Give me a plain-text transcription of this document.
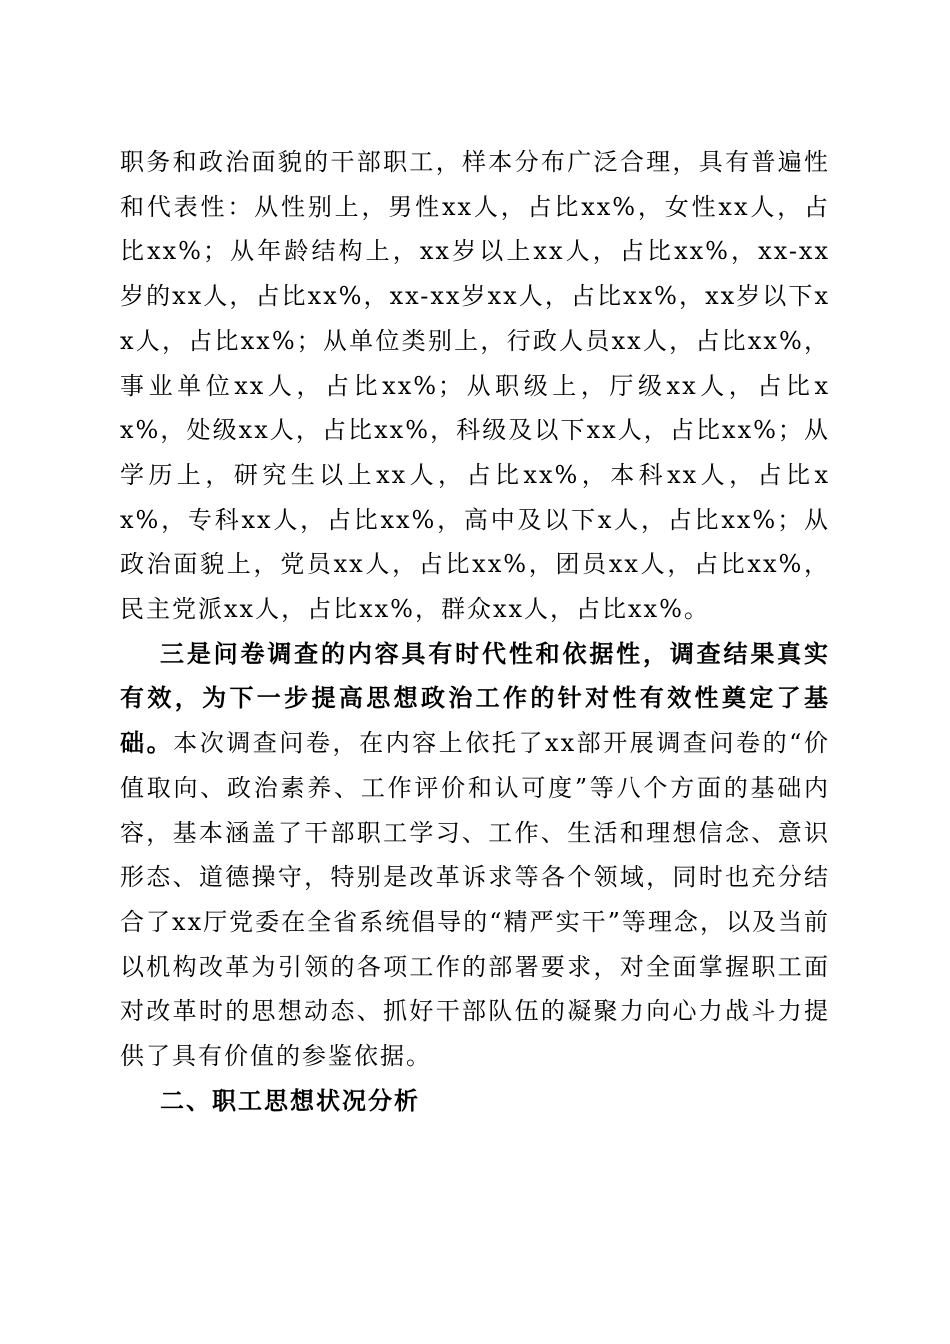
职务和政治面貌的干部职工，样本分布广泛合理，具有普遍性和代表性：从性别上，男性xx人，占比xx%，女性xx人，占比xx%；从年龄结构上，xx岁以上xx人，占比xx%，xx-xx岁的xx人，占比xx%，xx-xx岁xx人，占比xx%，xx岁以下xx人，占比xx%；从单位类别上，行政人员xx人，占比xx%，事业单位xx人，占比xx%；从职级上，厅级xx人，占比xx%，处级xx人，占比xx%，科级及以下xx人，占比xx%；从学历上，研究生以上xx人，占比xx%，本科xx人，占比xx%，专科xx人，占比xx%，高中及以下x人，占比xx%；从政治面貌上，党员xx人，占比xx%，团员xx人，占比xx%，民主党派xx人，占比xx%，群众xx人，占比xx%。

三是问卷调查的内容具有时代性和依据性，调查结果真实有效，为下一步提高思想政治工作的针对性有效性奠定了基础。本次调查问卷，在内容上依托了xx部开展调查问卷的“价值取向、政治素养、工作评价和认可度”等八个方面的基础内容，基本涵盖了干部职工学习、工作、生活和理想信念、意识形态、道德操守，特别是改革诉求等各个领域，同时也充分结合了xx厅党委在全省系统倡导的“精严实干”等理念，以及当前以机构改革为引领的各项工作的部署要求，对全面掌握职工面对改革时的思想动态、抓好干部队伍的凝聚力向心力战斗力提供了具有价值的参鉴依据。

二、职工思想状况分析
